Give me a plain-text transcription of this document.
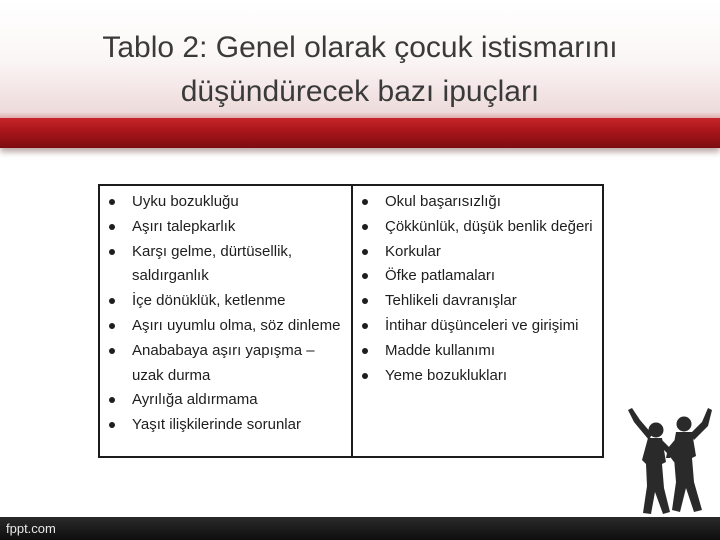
Tablo 2: Genel olarak çocuk istismarını
düşündürecek bazı ipuçları
Uyku bozukluğu
Aşırı talepkarlık
Karşı gelme, dürtüsellik, saldırganlık
İçe dönüklük, ketlenme
Aşırı uyumlu olma, söz dinleme
Anababaya aşırı yapışma – uzak durma
Ayrılığa aldırmama
Yaşıt ilişkilerinde sorunlar
Okul başarısızlığı
Çökkünlük, düşük benlik değeri
Korkular
Öfke patlamaları
Tehlikeli davranışlar
İntihar düşünceleri ve girişimi
Madde kullanımı
Yeme bozuklukları
fppt.com
